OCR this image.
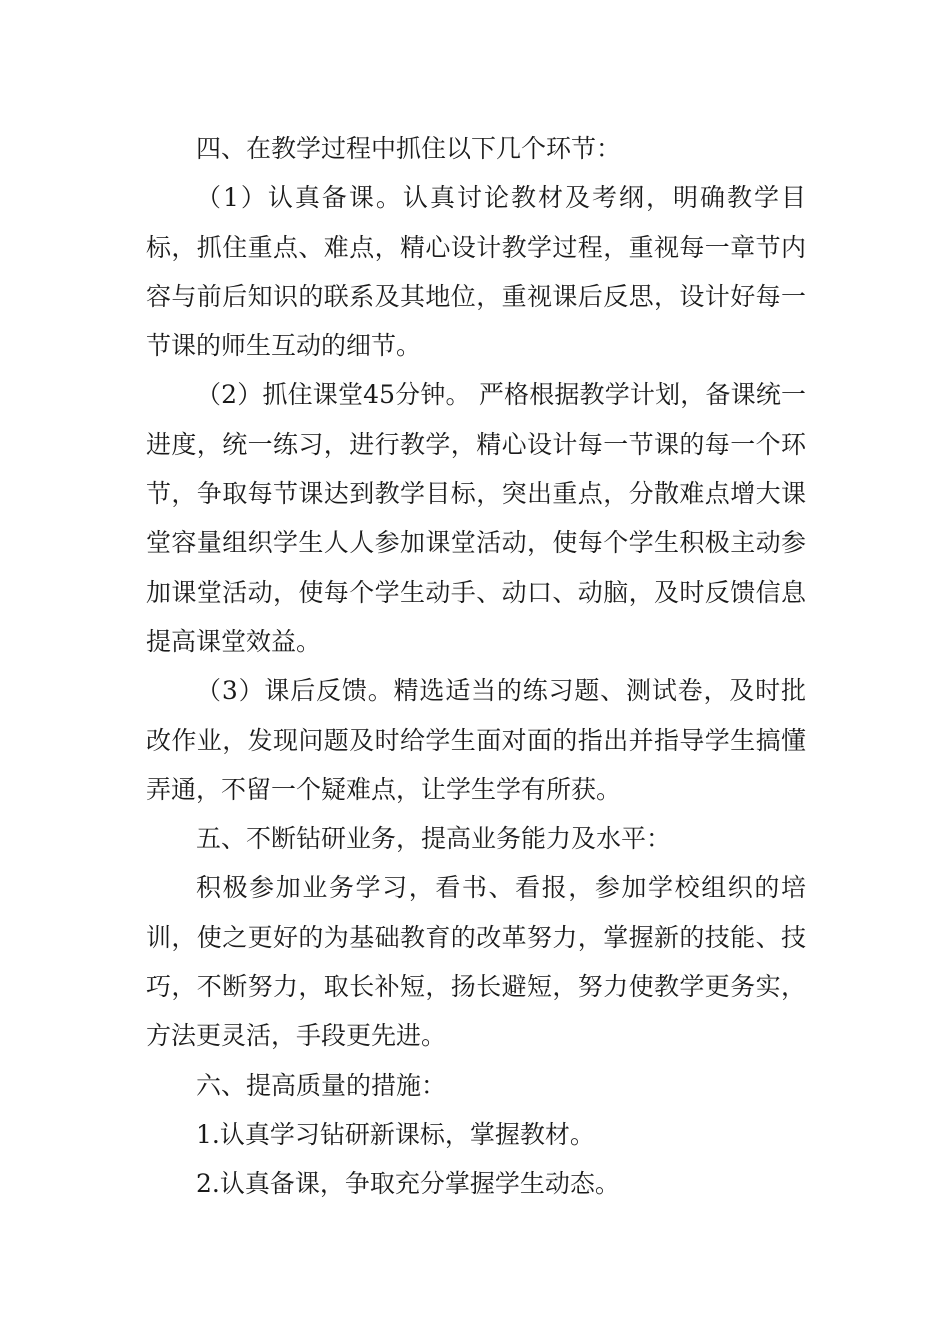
四、在教学过程中抓住以下几个环节：

（1）认真备课。认真讨论教材及考纲，明确教学目标，抓住重点、难点，精心设计教学过程，重视每一章节内容与前后知识的联系及其地位，重视课后反思，设计好每一节课的师生互动的细节。

（2）抓住课堂45分钟。 严格根据教学计划，备课统一进度，统一练习，进行教学，精心设计每一节课的每一个环节，争取每节课达到教学目标，突出重点，分散难点增大课堂容量组织学生人人参加课堂活动，使每个学生积极主动参加课堂活动，使每个学生动手、动口、动脑，及时反馈信息提高课堂效益。

（3）课后反馈。精选适当的练习题、测试卷，及时批改作业，发现问题及时给学生面对面的指出并指导学生搞懂弄通，不留一个疑难点，让学生学有所获。

五、不断钻研业务，提高业务能力及水平：

积极参加业务学习，看书、看报，参加学校组织的培训，使之更好的为基础教育的改革努力，掌握新的技能、技巧，不断努力，取长补短，扬长避短，努力使教学更务实，方法更灵活，手段更先进。

六、提高质量的措施：

1.认真学习钻研新课标，掌握教材。

2.认真备课，争取充分掌握学生动态。
